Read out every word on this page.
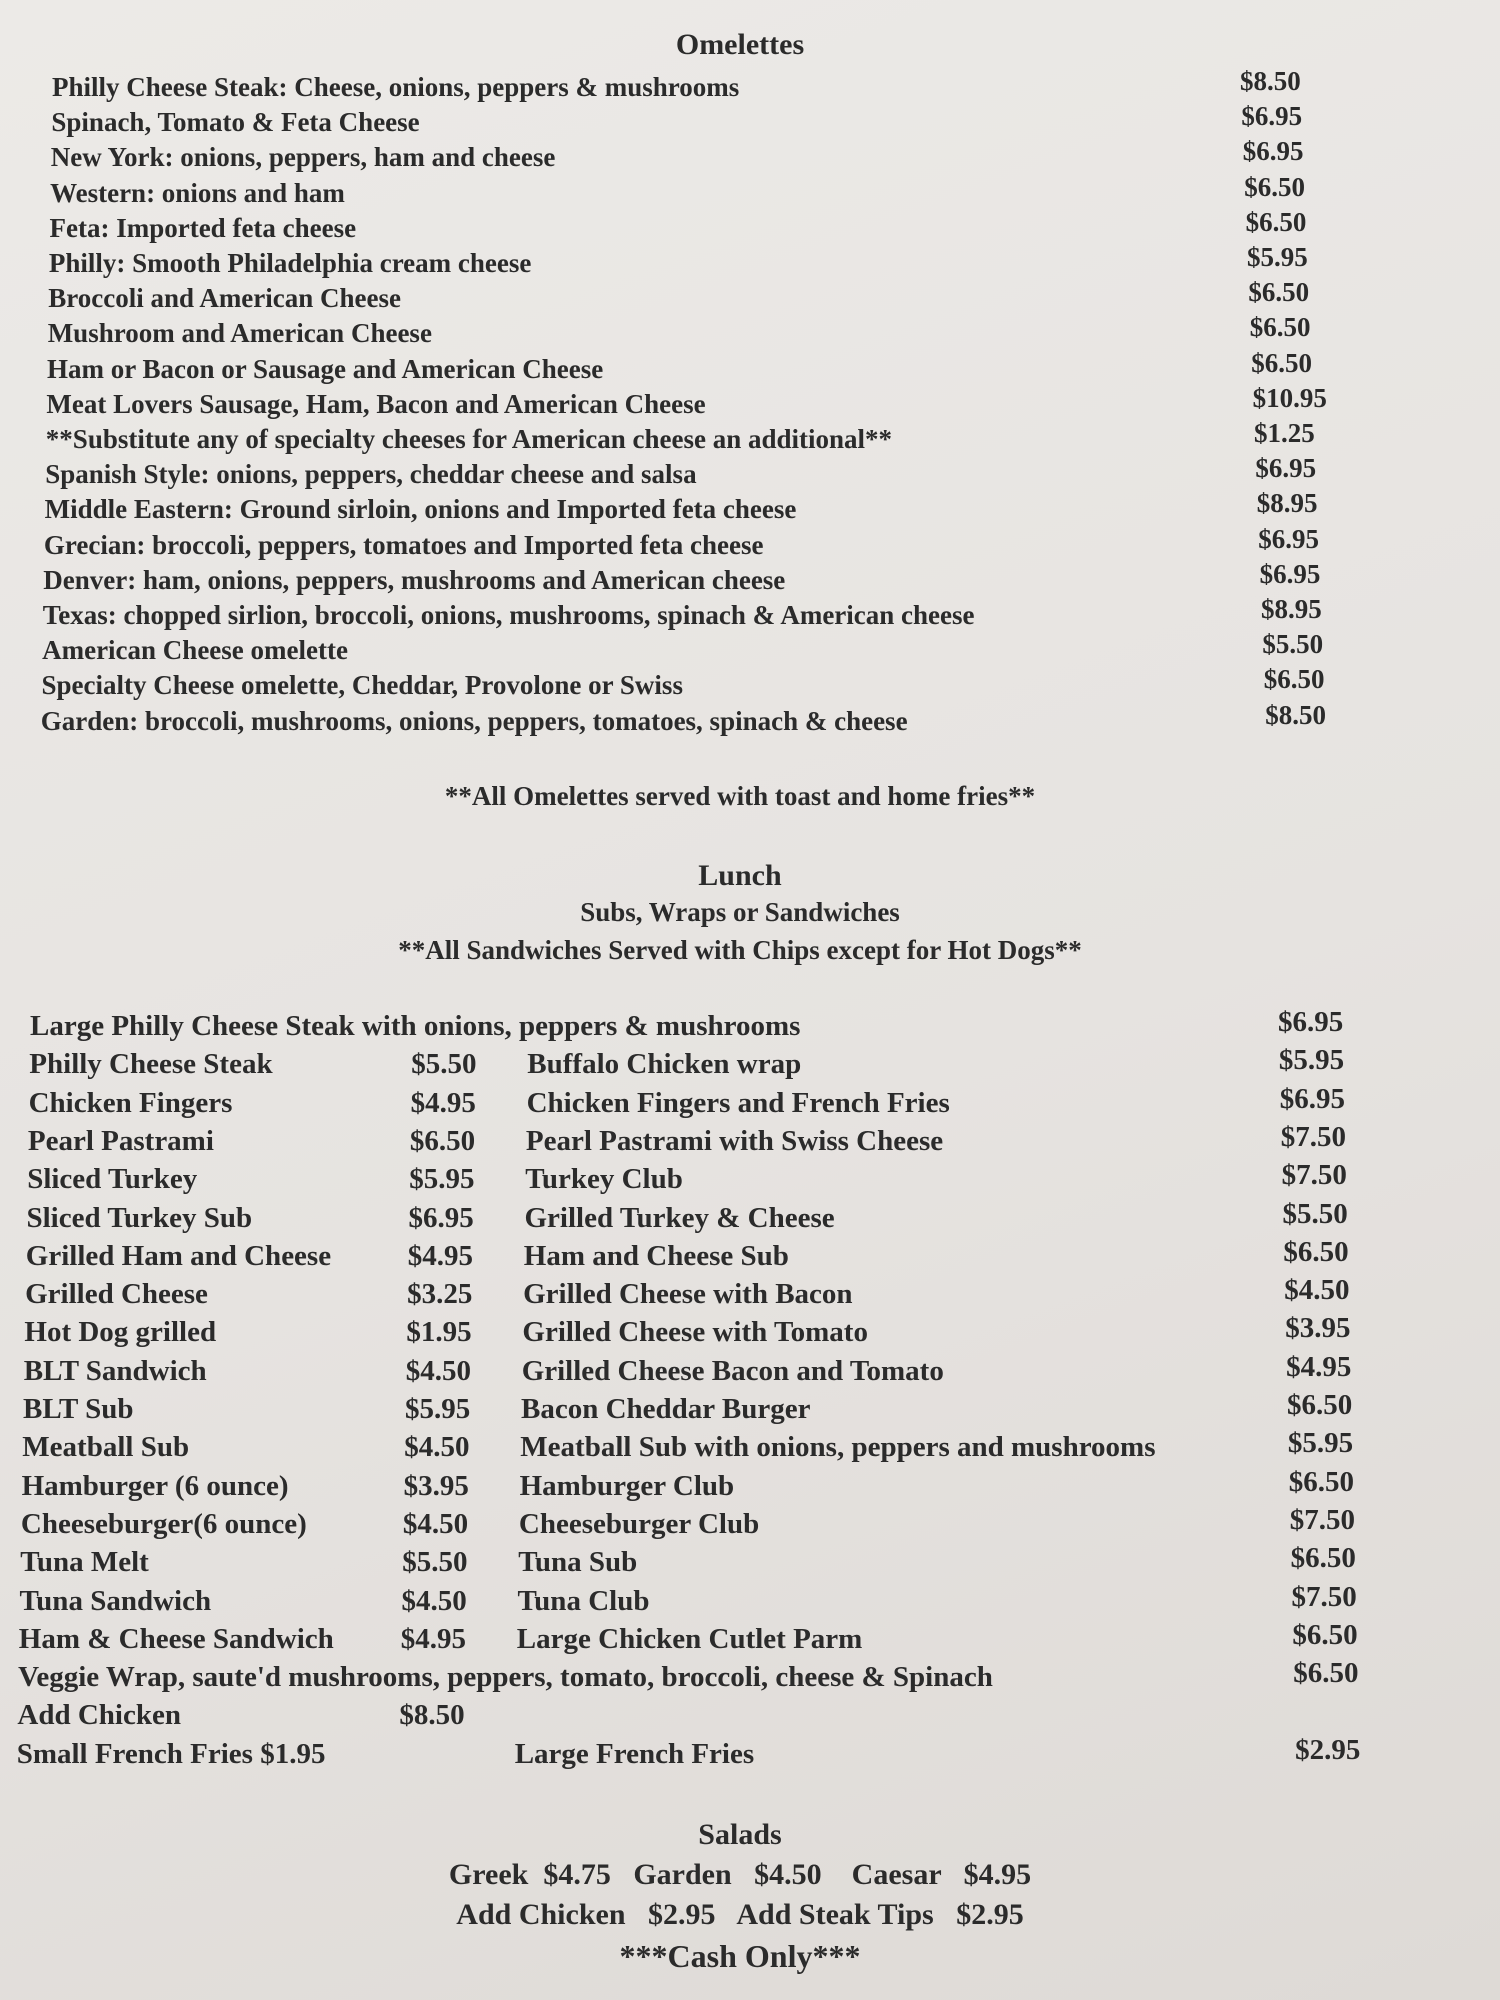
Omelettes
Philly Cheese Steak: Cheese, onions, peppers & mushrooms	$8.50
Spinach, Tomato & Feta Cheese	$6.95
New York: onions, peppers, ham and cheese	$6.95
Western: onions and ham	$6.50
Feta: Imported feta cheese	$6.50
Philly: Smooth Philadelphia cream cheese	$5.95
Broccoli and American Cheese	$6.50
Mushroom and American Cheese	$6.50
Ham or Bacon or Sausage and American Cheese	$6.50
Meat Lovers Sausage, Ham, Bacon and American Cheese	$10.95
**Substitute any of specialty cheeses for American cheese an additional**	$1.25
Spanish Style: onions, peppers, cheddar cheese and salsa	$6.95
Middle Eastern: Ground sirloin, onions and Imported feta cheese	$8.95
Grecian: broccoli, peppers, tomatoes and Imported feta cheese	$6.95
Denver: ham, onions, peppers, mushrooms and American cheese	$6.95
Texas: chopped sirlion, broccoli, onions, mushrooms, spinach & American cheese	$8.95
American Cheese omelette	$5.50
Specialty Cheese omelette, Cheddar, Provolone or Swiss	$6.50
Garden: broccoli, mushrooms, onions, peppers, tomatoes, spinach & cheese	$8.50
**All Omelettes served with toast and home fries**
Lunch
Subs, Wraps or Sandwiches
**All Sandwiches Served with Chips except for Hot Dogs**
Large Philly Cheese Steak with onions, peppers & mushrooms	$6.95
Philly Cheese Steak	$5.50 Buffalo Chicken wrap	$5.95
Chicken Fingers	$4.95 Chicken Fingers and French Fries	$6.95
Pearl Pastrami	$6.50 Pearl Pastrami with Swiss Cheese	$7.50
Sliced Turkey	$5.95 Turkey Club	$7.50
Sliced Turkey Sub	$6.95 Grilled Turkey & Cheese	$5.50
Grilled Ham and Cheese	$4.95 Ham and Cheese Sub	$6.50
Grilled Cheese	$3.25 Grilled Cheese with Bacon	$4.50
Hot Dog grilled	$1.95 Grilled Cheese with Tomato	$3.95
BLT Sandwich	$4.50 Grilled Cheese Bacon and Tomato	$4.95
BLT Sub	$5.95 Bacon Cheddar Burger	$6.50
Meatball Sub	$4.50 Meatball Sub with onions, peppers and mushrooms	$5.95
Hamburger (6 ounce)	$3.95 Hamburger Club	$6.50
Cheeseburger(6 ounce)	$4.50 Cheeseburger Club	$7.50
Tuna Melt	$5.50 Tuna Sub	$6.50
Tuna Sandwich	$4.50 Tuna Club	$7.50
Ham & Cheese Sandwich $4.95 Large Chicken Cutlet Parm	$6.50
Veggie Wrap, saute'd mushrooms, peppers, tomato, broccoli, cheese & Spinach	$6.50
Add Chicken	$8.50
Small French Fries $1.95	Large French Fries	$2.95
Salads
Greek  $4.75   Garden   $4.50    Caesar   $4.95
Add Chicken   $2.95   Add Steak Tips   $2.95
***Cash Only***
